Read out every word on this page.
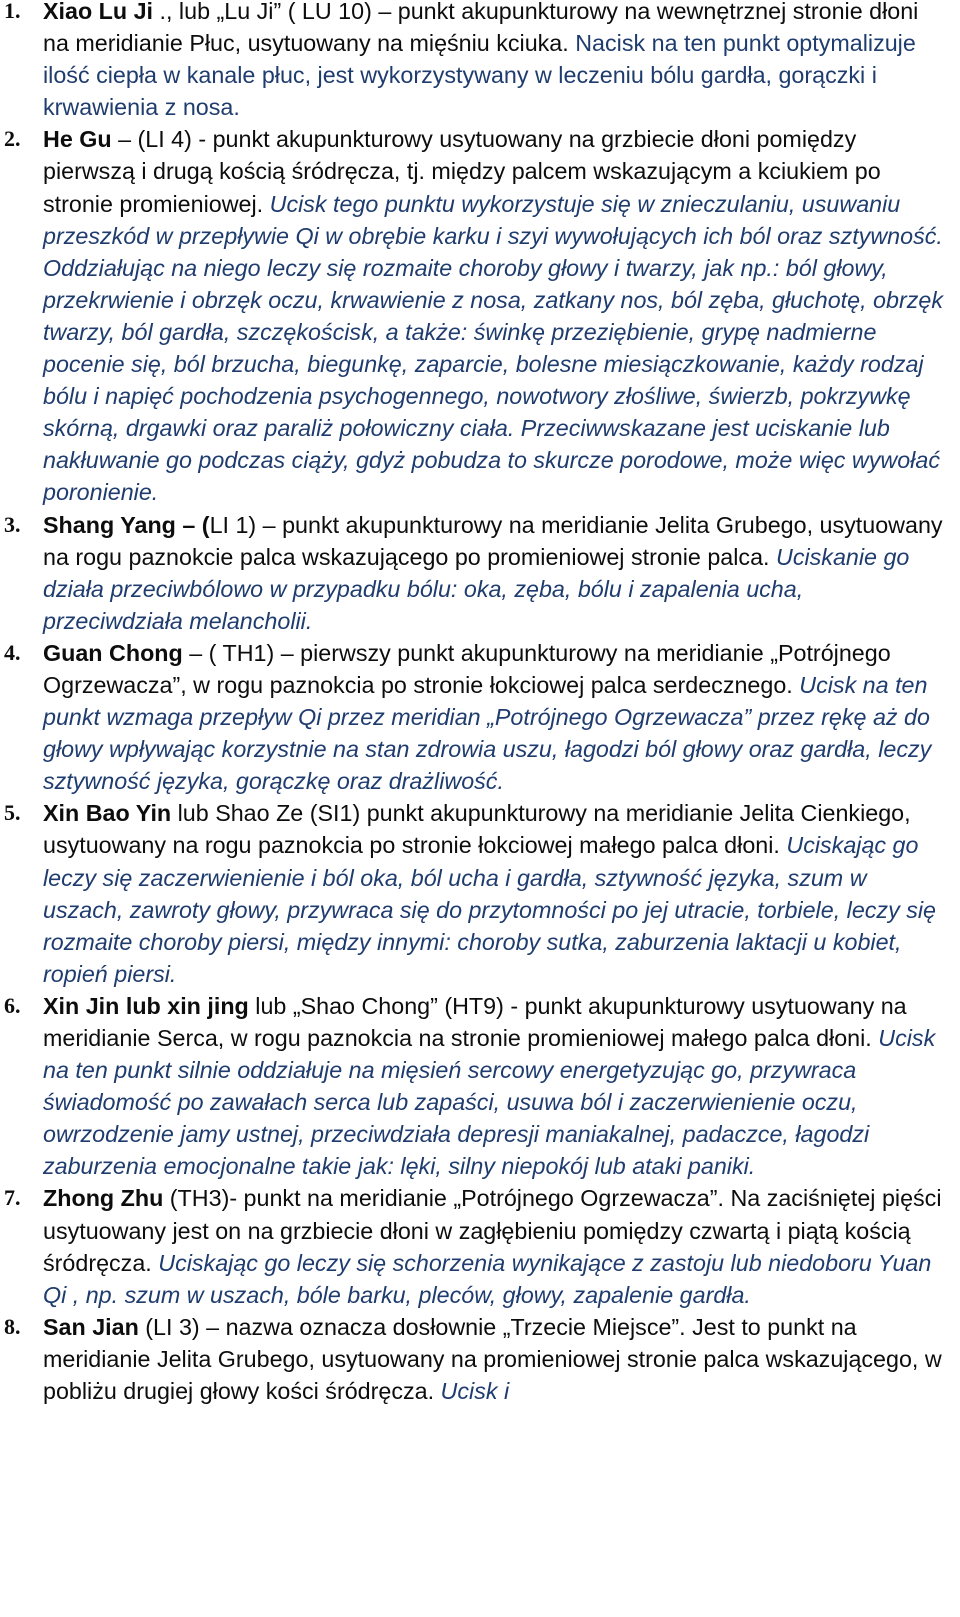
1. Xiao Lu Ji ., lub „Lu Ji” ( LU 10) – punkt akupunkturowy na wewnętrznej stronie dłoni na meridianie Płuc, usytuowany na mięśniu kciuka. Nacisk na ten punkt optymalizuje ilość ciepła w kanale płuc, jest wykorzystywany w leczeniu bólu gardła, gorączki i krwawienia z nosa.
2. He Gu – (LI 4) - punkt akupunkturowy usytuowany na grzbiecie dłoni pomiędzy pierwszą i drugą kością śródręcza, tj. między palcem wskazującym a kciukiem po stronie promieniowej. Ucisk tego punktu wykorzystuje się w znieczulaniu, usuwaniu przeszkód w przepływie Qi w obrębie karku i szyi wywołujących ich ból oraz sztywność. Oddziałując na niego leczy się rozmaite choroby głowy i twarzy, jak np.: ból głowy, przekrwienie i obrzęk oczu, krwawienie z nosa, zatkany nos, ból zęba, głuchotę, obrzęk twarzy, ból gardła, szczękościsk, a także: świnkę przeziębienie, grypę nadmierne pocenie się, ból brzucha, biegunkę, zaparcie, bolesne miesiączkowanie, każdy rodzaj bólu i napięć pochodzenia psychogennego, nowotwory złośliwe, świerzb, pokrzywkę skórną, drgawki oraz paraliż połowiczny ciała. Przeciwwskazane jest uciskanie lub nakłuwanie go podczas ciąży, gdyż pobudza to skurcze porodowe, może więc wywołać poronienie.
3. Shang Yang – (LI 1) – punkt akupunkturowy na meridianie Jelita Grubego, usytuowany na rogu paznokcie palca wskazującego po promieniowej stronie palca. Uciskanie go działa przeciwbólowo w przypadku bólu: oka, zęba, bólu i zapalenia ucha, przeciwdziała melancholii.
4. Guan Chong – ( TH1) – pierwszy punkt akupunkturowy na meridianie „Potrójnego Ogrzewacza”, w rogu paznokcia po stronie łokciowej palca serdecznego. Ucisk na ten punkt wzmaga przepływ Qi przez meridian „Potrójnego Ogrzewacza” przez rękę aż do głowy wpływając korzystnie na stan zdrowia uszu, łagodzi ból głowy oraz gardła, leczy sztywność języka, gorączkę oraz drażliwość.
5. Xin Bao Yin lub Shao Ze (SI1) punkt akupunkturowy na meridianie Jelita Cienkiego, usytuowany na rogu paznokcia po stronie łokciowej małego palca dłoni. Uciskając go leczy się zaczerwienienie i ból oka, ból ucha i gardła, sztywność języka, szum w uszach, zawroty głowy, przywraca się do przytomności po jej utracie, torbiele, leczy się rozmaite choroby piersi, między innymi: choroby sutka, zaburzenia laktacji u kobiet, ropień piersi.
6. Xin Jin lub xin jing lub „Shao Chong” (HT9) - punkt akupunkturowy usytuowany na meridianie Serca, w rogu paznokcia na stronie promieniowej małego palca dłoni. Ucisk na ten punkt silnie oddziałuje na mięsień sercowy energetyzując go, przywraca świadomość po zawałach serca lub zapaści, usuwa ból i zaczerwienienie oczu, owrzodzenie jamy ustnej, przeciwdziała depresji maniakalnej, padaczce, łagodzi zaburzenia emocjonalne takie jak: lęki, silny niepokój lub ataki paniki.
7. Zhong Zhu (TH3)- punkt na meridianie „Potrójnego Ogrzewacza”. Na zaciśniętej pięści usytuowany jest on na grzbiecie dłoni w zagłębieniu pomiędzy czwartą i piątą kością śródręcza. Uciskając go leczy się schorzenia wynikające z zastoju lub niedoboru Yuan Qi , np. szum w uszach, bóle barku, pleców, głowy, zapalenie gardła.
8. San Jian (LI 3) – nazwa oznacza dosłownie „Trzecie Miejsce”. Jest to punkt na meridianie Jelita Grubego, usytuowany na promieniowej stronie palca wskazującego, w pobliżu drugiej głowy kości śródręcza. Ucisk i
